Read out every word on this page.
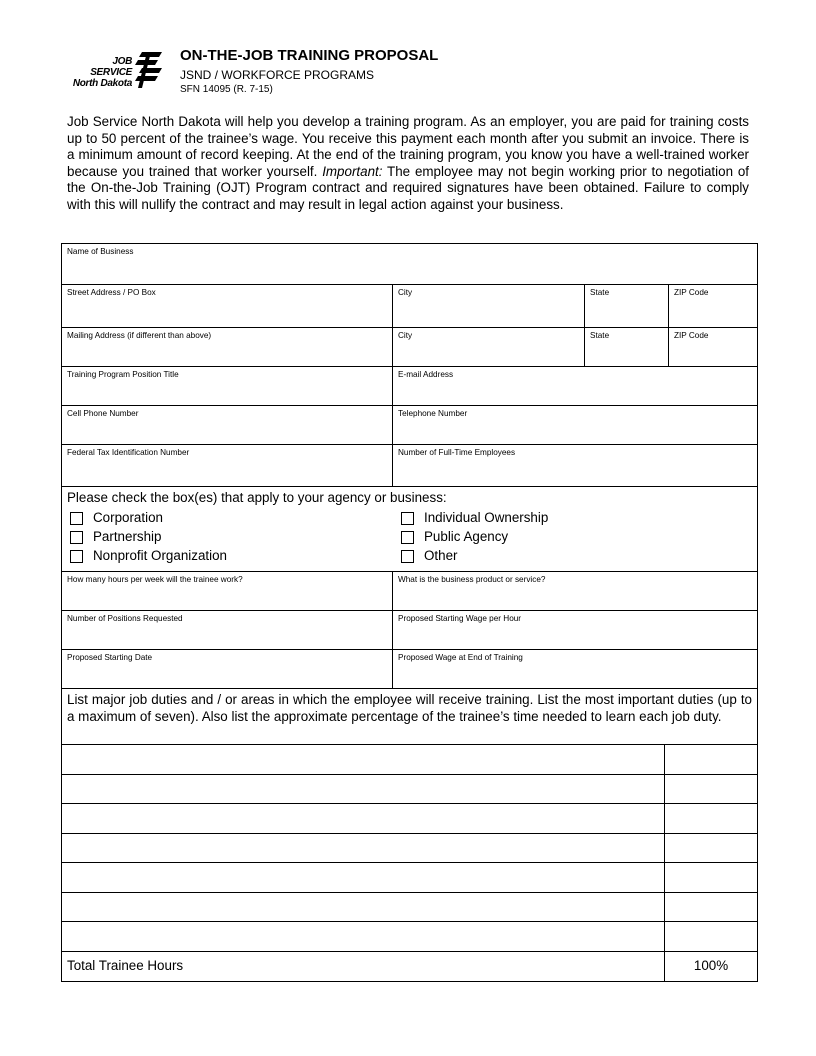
JOB
SERVICE
North Dakota
ON-THE-JOB TRAINING PROPOSAL
JSND / WORKFORCE PROGRAMS
SFN 14095 (R. 7-15)

Job Service North Dakota will help you develop a training program. As an employer, you are paid for training costs up to 50 percent of the trainee’s wage. You receive this payment each month after you submit an invoice. There is a minimum amount of record keeping. At the end of the training program, you know you have a well-trained worker because you trained that worker yourself. Important: The employee may not begin working prior to negotiation of the On-the-Job Training (OJT) Program contract and required signatures have been obtained. Failure to comply with this will nullify the contract and may result in legal action against your business.

Name of Business
Street Address / PO Box	City	State	ZIP Code
Mailing Address (if different than above)	City	State	ZIP Code
Training Program Position Title	E-mail Address
Cell Phone Number	Telephone Number
Federal Tax Identification Number	Number of Full-Time Employees
Please check the box(es) that apply to your agency or business:
Corporation	Individual Ownership
Partnership	Public Agency
Nonprofit Organization	Other
How many hours per week will the trainee work?	What is the business product or service?
Number of Positions Requested	Proposed Starting Wage per Hour
Proposed Starting Date	Proposed Wage at End of Training
List major job duties and / or areas in which the employee will receive training. List the most important duties (up to a maximum of seven). Also list the approximate percentage of the trainee’s time needed to learn each job duty.
Total Trainee Hours	100%
